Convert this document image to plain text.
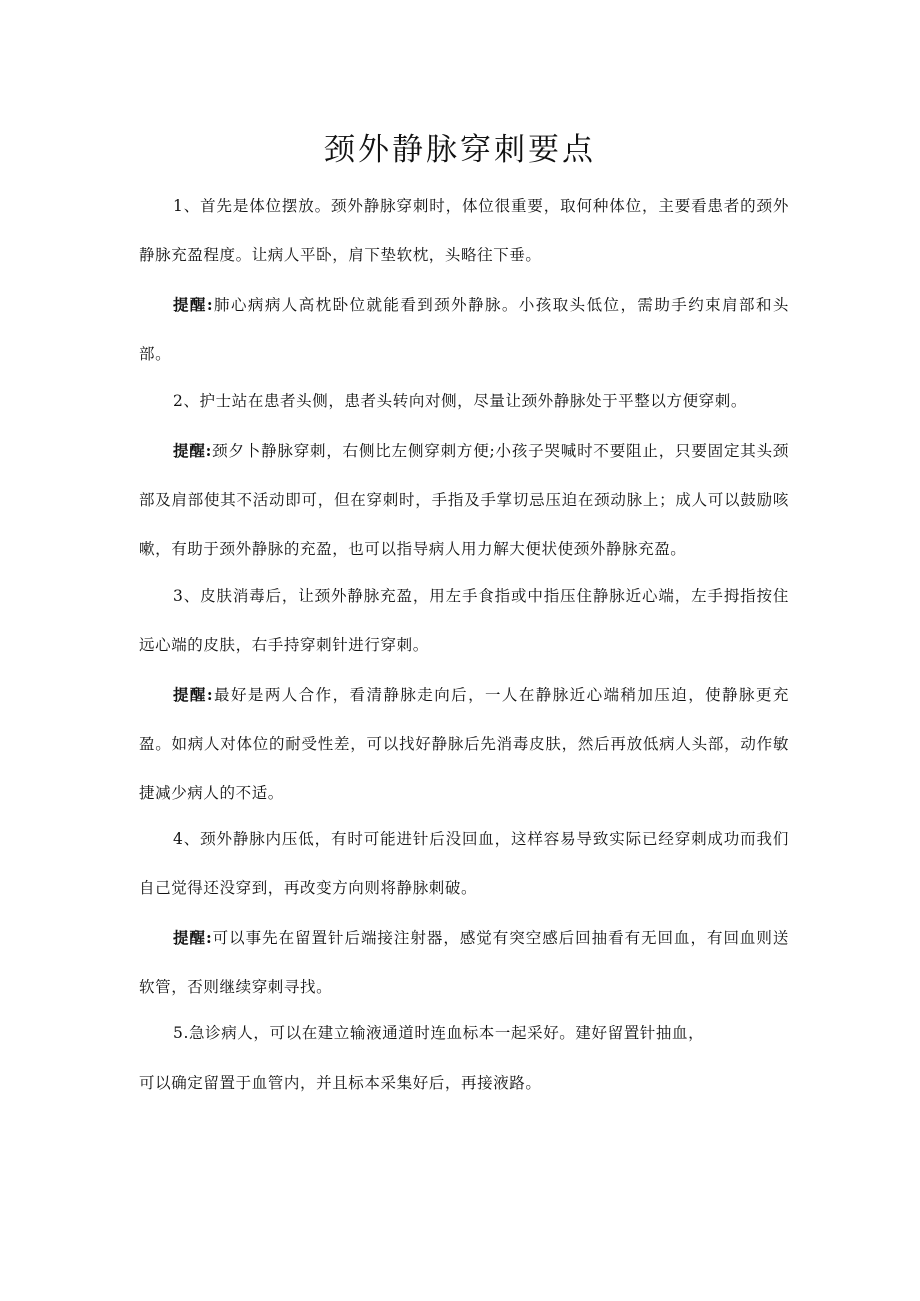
颈外静脉穿刺要点

1、首先是体位摆放。颈外静脉穿刺时，体位很重要，取何种体位，主要看患者的颈外静脉充盈程度。让病人平卧，肩下垫软枕，头略往下垂。

提醒:肺心病病人高枕卧位就能看到颈外静脉。小孩取头低位，需助手约束肩部和头部。

2、护士站在患者头侧，患者头转向对侧，尽量让颈外静脉处于平整以方便穿刺。

提醒:颈夕卜静脉穿刺，右侧比左侧穿刺方便;小孩子哭喊时不要阻止，只要固定其头颈部及肩部使其不活动即可，但在穿刺时，手指及手掌切忌压迫在颈动脉上；成人可以鼓励咳嗽，有助于颈外静脉的充盈，也可以指导病人用力解大便状使颈外静脉充盈。

3、皮肤消毒后，让颈外静脉充盈，用左手食指或中指压住静脉近心端，左手拇指按住远心端的皮肤，右手持穿刺针进行穿刺。

提醒:最好是两人合作，看清静脉走向后，一人在静脉近心端稍加压迫，使静脉更充盈。如病人对体位的耐受性差，可以找好静脉后先消毒皮肤，然后再放低病人头部，动作敏捷减少病人的不适。

4、颈外静脉内压低，有时可能进针后没回血，这样容易导致实际已经穿刺成功而我们自己觉得还没穿到，再改变方向则将静脉刺破。

提醒:可以事先在留置针后端接注射器，感觉有突空感后回抽看有无回血，有回血则送软管，否则继续穿刺寻找。

5.急诊病人，可以在建立输液通道时连血标本一起采好。建好留置针抽血，

可以确定留置于血管内，并且标本采集好后，再接液路。
